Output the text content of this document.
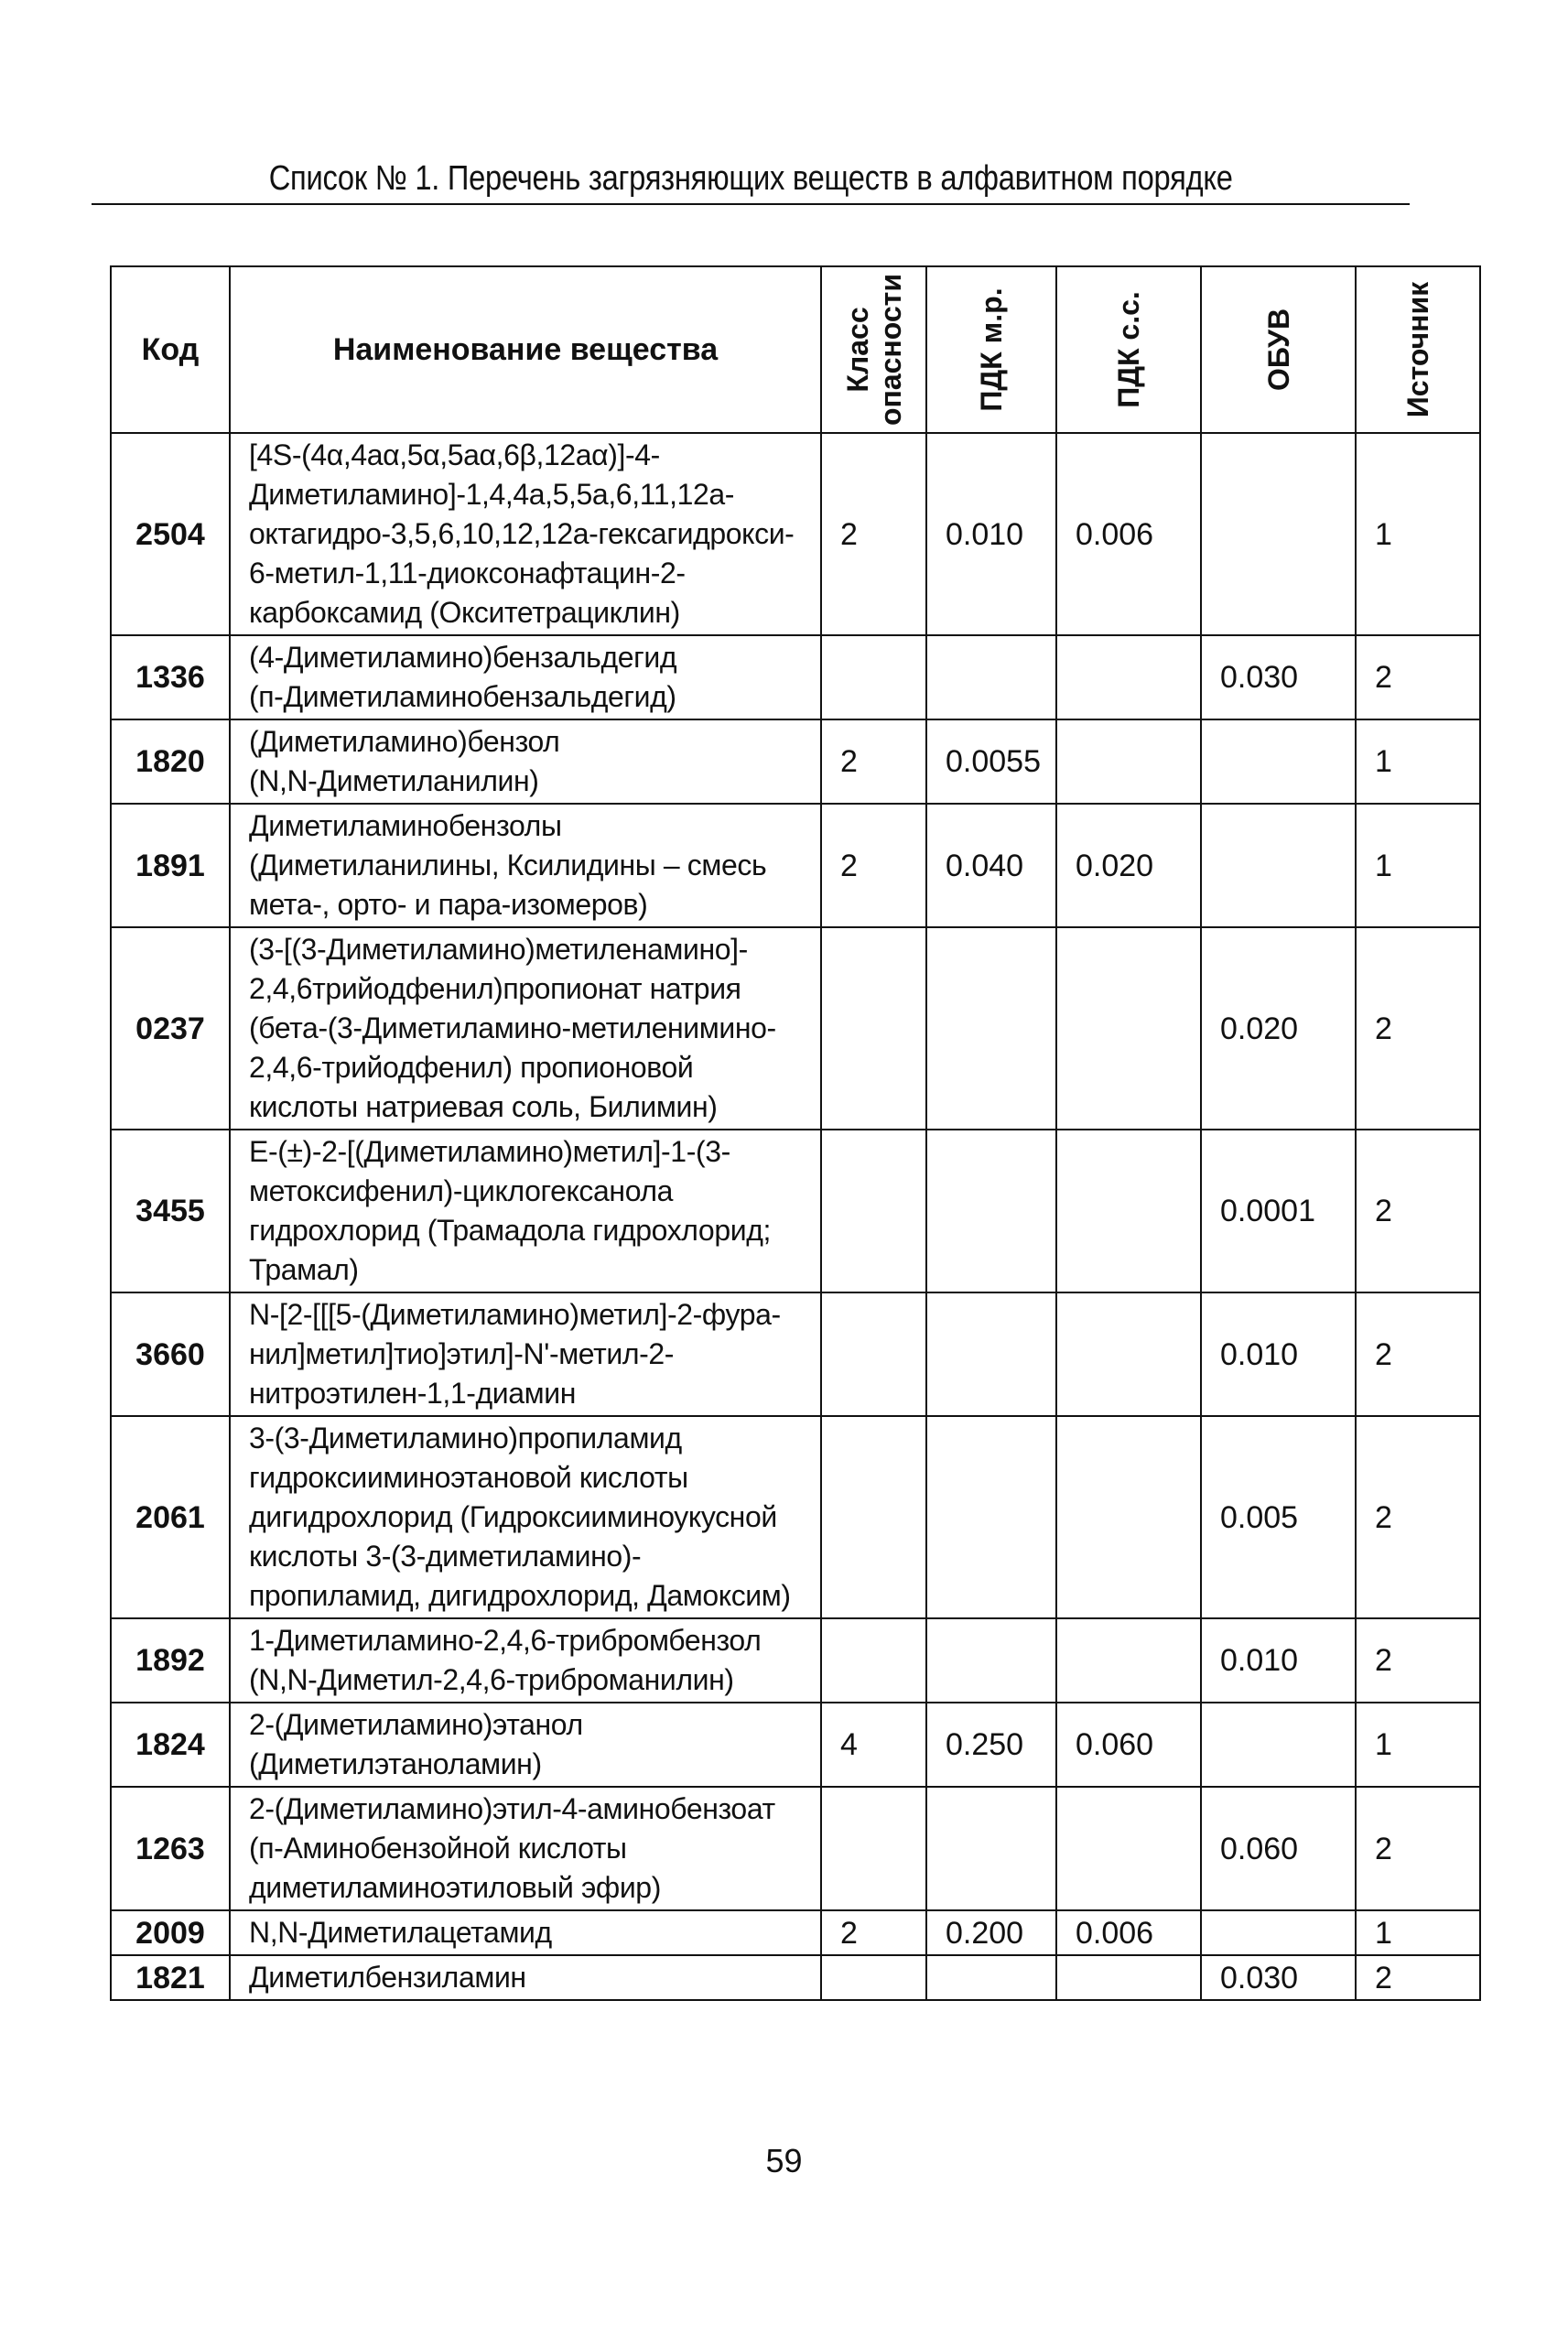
Список № 1. Перечень загрязняющих веществ в алфавитном порядке
Код	Наименование вещества	Класс опасности	ПДК м.р.	ПДК с.с.	ОБУВ	Источник

2504	[4S-(4α,4aα,5α,5aα,6β,12aα)]-4-
Диметиламино]-1,4,4а,5,5а,6,11,12а-
октагидро-3,5,6,10,12,12а-гексагидрокси-
6-метил-1,11-диоксонафтацин-2-
карбоксамид (Окситетрациклин)	2	0.010	0.006		1
1336	(4-Диметиламино)бензальдегид
(п-Диметиламинобензальдегид)				0.030	2
1820	(Диметиламино)бензол
(N,N-Диметиланилин)	2	0.0055			1
1891	Диметиламинобензолы
(Диметиланилины, Ксилидины – смесь
мета-, орто- и пара-изомеров)	2	0.040	0.020		1
0237	(3-[(3-Диметиламино)метиленамино]-
2,4,6трийодфенил)пропионат натрия
(бета-(3-Диметиламино-метиленимино-
2,4,6-трийодфенил) пропионовой
кислоты натриевая соль, Билимин)				0.020	2
3455	E-(±)-2-[(Диметиламино)метил]-1-(3-
метоксифенил)-циклогексанола
гидрохлорид (Трамадола гидрохлорид;
Трамал)				0.0001	2
3660	N-[2-[[[5-(Диметиламино)метил]-2-фура-
нил]метил]тио]этил]-N'-метил-2-
нитроэтилен-1,1-диамин				0.010	2
2061	3-(3-Диметиламино)пропиламид
гидроксииминоэтановой кислоты
дигидрохлорид (Гидроксииминоукусной
кислоты 3-(3-диметиламино)-
пропиламид, дигидрохлорид, Дамоксим)				0.005	2
1892	1-Диметиламино-2,4,6-трибромбензол
(N,N-Диметил-2,4,6-триброманилин)				0.010	2
1824	2-(Диметиламино)этанол
(Диметилэтаноламин)	4	0.250	0.060		1
1263	2-(Диметиламино)этил-4-аминобензоат
(п-Аминобензойной кислоты
диметиламиноэтиловый эфир)				0.060	2
2009	N,N-Диметилацетамид	2	0.200	0.006		1
1821	Диметилбензиламин				0.030	2
59
